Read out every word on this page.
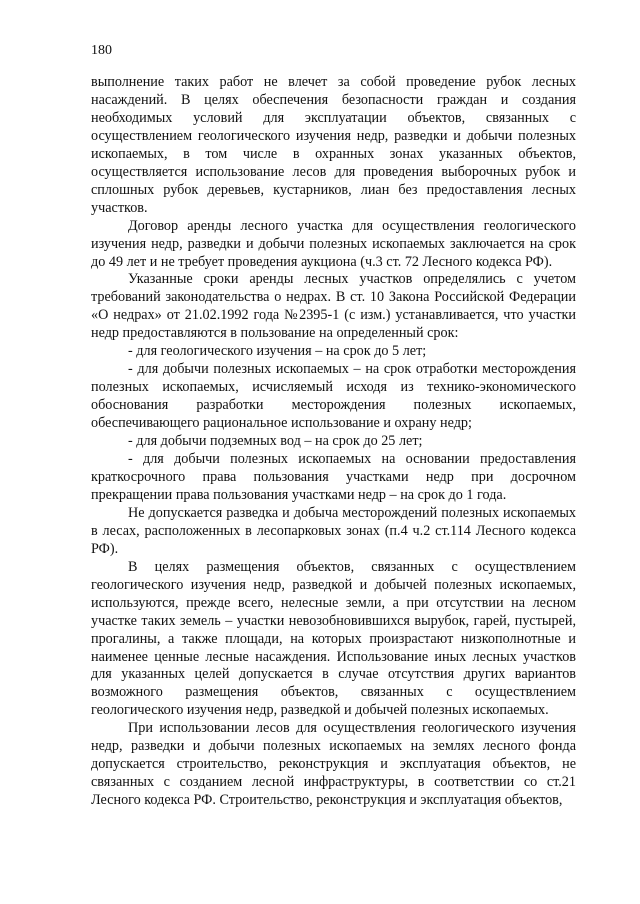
180

выполнение таких работ не влечет за собой проведение рубок лесных насаждений. В целях обеспечения безопасности граждан и создания необходимых условий для эксплуатации объектов, связанных с осуществлением геологического изучения недр, разведки и добычи полезных ископаемых, в том числе в охранных зонах указанных объектов, осуществляется использование лесов для проведения выборочных рубок и сплошных рубок деревьев, кустарников, лиан без предоставления лесных участков.

Договор аренды лесного участка для осуществления геологического изучения недр, разведки и добычи полезных ископаемых заключается на срок до 49 лет и не требует проведения аукциона (ч.3 ст. 72 Лесного кодекса РФ).

Указанные сроки аренды лесных участков определялись с учетом требований законодательства о недрах. В ст. 10 Закона Российской Федерации «О недрах» от 21.02.1992 года №2395-1 (с изм.) устанавливается, что участки недр предоставляются в пользование на определенный срок:

- для геологического изучения – на срок до 5 лет;

- для добычи полезных ископаемых – на срок отработки месторождения полезных ископаемых, исчисляемый исходя из технико-экономического обоснования разработки месторождения полезных ископаемых, обеспечивающего рациональное использование и охрану недр;

- для добычи подземных вод – на срок до 25 лет;

- для добычи полезных ископаемых на основании предоставления краткосрочного права пользования участками недр при досрочном прекращении права пользования участками недр – на срок до 1 года.

Не допускается разведка и добыча месторождений полезных ископаемых в лесах, расположенных в лесопарковых зонах (п.4 ч.2 ст.114 Лесного кодекса РФ).

В целях размещения объектов, связанных с осуществлением геологического изучения недр, разведкой и добычей полезных ископаемых, используются, прежде всего, нелесные земли, а при отсутствии на лесном участке таких земель – участки невозобновившихся вырубок, гарей, пустырей, прогалины, а также площади, на которых произрастают низкополнотные и наименее ценные лесные насаждения. Использование иных лесных участков для указанных целей допускается в случае отсутствия других вариантов возможного размещения объектов, связанных с осуществлением геологического изучения недр, разведкой и добычей полезных ископаемых.

При использовании лесов для осуществления геологического изучения недр, разведки и добычи полезных ископаемых на землях лесного фонда допускается строительство, реконструкция и эксплуатация объектов, не связанных с созданием лесной инфраструктуры, в соответствии со ст.21 Лесного кодекса РФ. Строительство, реконструкция и эксплуатация объектов,
